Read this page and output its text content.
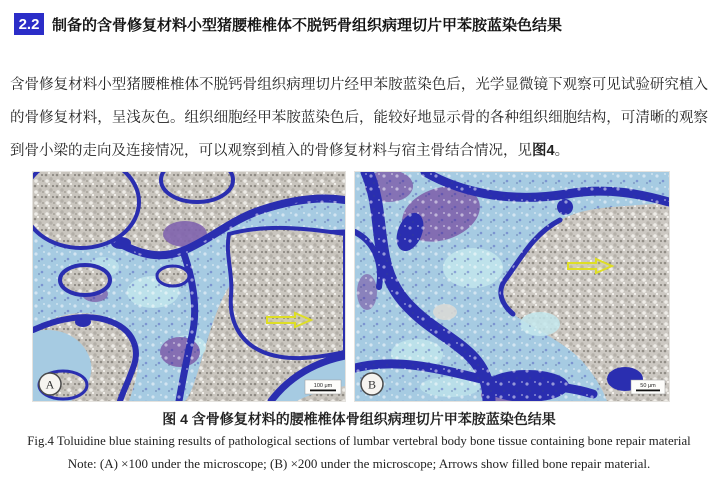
2.2 制备的含骨修复材料小型猪腰椎椎体不脱钙骨组织病理切片甲苯胺蓝染色结果

含骨修复材料小型猪腰椎椎体不脱钙骨组织病理切片经甲苯胺蓝染色后，光学显微镜下观察可见试验研究植入的骨修复材料，呈浅灰色。组织细胞经甲苯胺蓝染色后，能较好地显示骨的各种组织细胞结构，可清晰的观察到骨小梁的走向及连接情况，可以观察到植入的骨修复材料与宿主骨结合情况，见图4。

100 μm
A	50 μm
B
图 4 含骨修复材料的腰椎椎体骨组织病理切片甲苯胺蓝染色结果
Fig.4 Toluidine blue staining results of pathological sections of lumbar vertebral body bone tissue containing bone repair material
Note: (A) ×100 under the microscope; (B) ×200 under the microscope; Arrows show filled bone repair material.
